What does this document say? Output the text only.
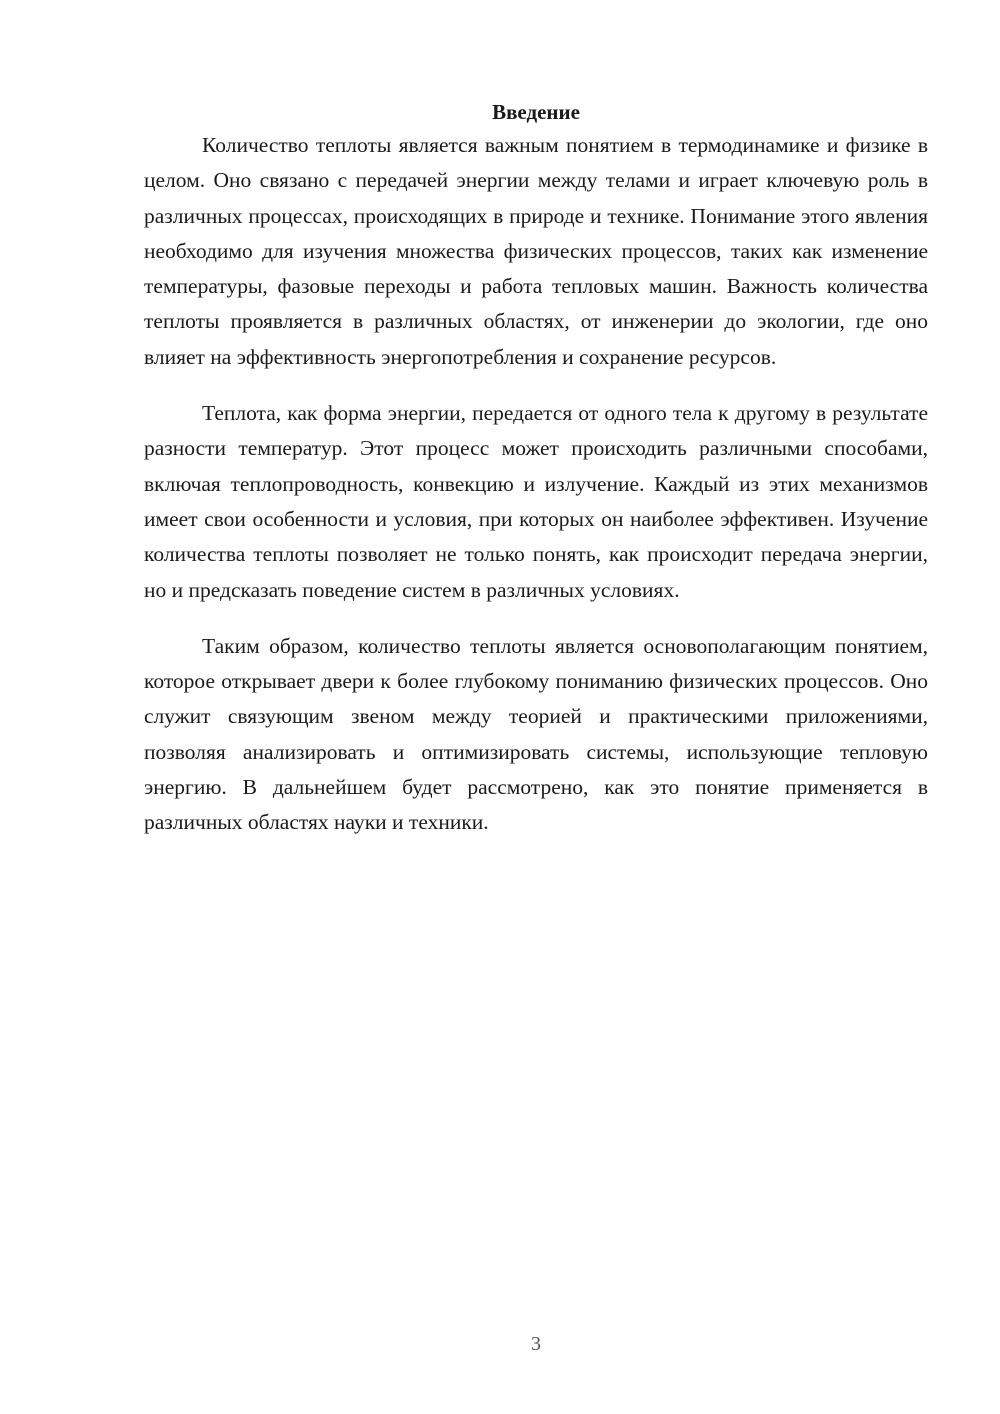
Введение

Количество теплоты является важным понятием в термодинамике и физике в целом. Оно связано с передачей энергии между телами и играет ключевую роль в различных процессах, происходящих в природе и технике. Понимание этого явления необходимо для изучения множества физических процессов, таких как изменение температуры, фазовые переходы и работа тепловых машин. Важность количества теплоты проявляется в различных областях, от инженерии до экологии, где оно влияет на эффективность энергопотребления и сохранение ресурсов.

Теплота, как форма энергии, передается от одного тела к другому в результате разности температур. Этот процесс может происходить различными способами, включая теплопроводность, конвекцию и излучение. Каждый из этих механизмов имеет свои особенности и условия, при которых он наиболее эффективен. Изучение количества теплоты позволяет не только понять, как происходит передача энергии, но и предсказать поведение систем в различных условиях.

Таким образом, количество теплоты является основополагающим понятием, которое открывает двери к более глубокому пониманию физических процессов. Оно служит связующим звеном между теорией и практическими приложениями, позволяя анализировать и оптимизировать системы, использующие тепловую энергию. В дальнейшем будет рассмотрено, как это понятие применяется в различных областях науки и техники.

3
